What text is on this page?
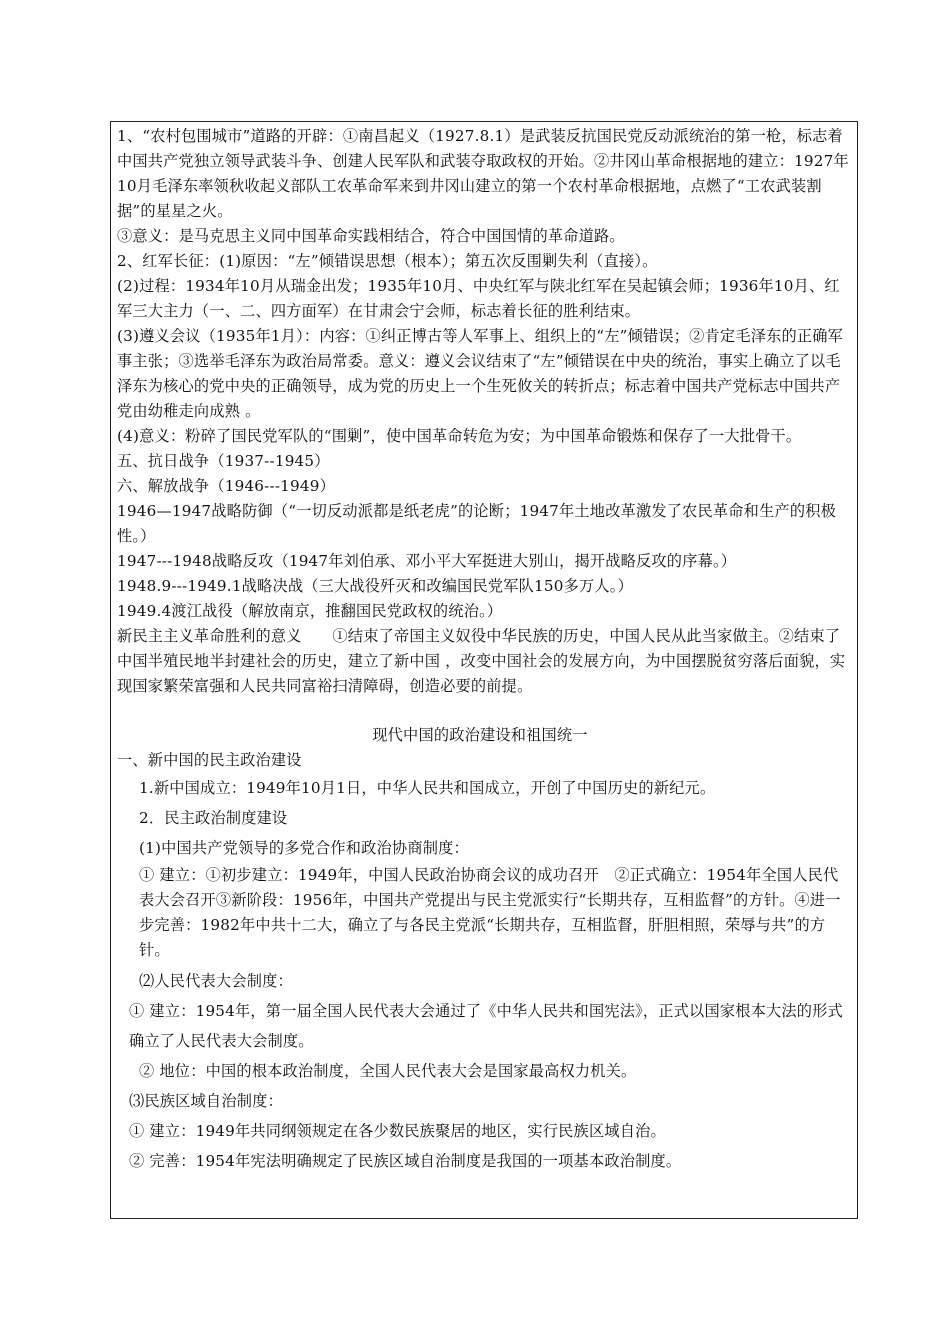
1、“农村包围城市”道路的开辟：①南昌起义（1927.8.1）是武装反抗国民党反动派统治的第一枪，标志着中国共产党独立领导武装斗争、创建人民军队和武装夺取政权的开始。②井冈山革命根据地的建立：1927年10月毛泽东率领秋收起义部队工农革命军来到井冈山建立的第一个农村革命根据地，点燃了“工农武装割据”的星星之火。

③意义：是马克思主义同中国革命实践相结合，符合中国国情的革命道路。

2、红军长征：(1)原因：“左”倾错误思想（根本）；第五次反围剿失利（直接）。

(2)过程：1934年10月从瑞金出发；1935年10月、中央红军与陕北红军在吴起镇会师；1936年10月、红军三大主力（一、二、四方面军）在甘肃会宁会师，标志着长征的胜利结束。

(3)遵义会议（1935年1月）：内容：①纠正博古等人军事上、组织上的“左”倾错误；②肯定毛泽东的正确军事主张；③选举毛泽东为政治局常委。意义：遵义会议结束了“左”倾错误在中央的统治，事实上确立了以毛泽东为核心的党中央的正确领导，成为党的历史上一个生死攸关的转折点；标志着中国共产党标志中国共产党由幼稚走向成熟 。

(4)意义：粉碎了国民党军队的“围剿”，使中国革命转危为安；为中国革命锻炼和保存了一大批骨干。

五、抗日战争（1937--1945）

六、解放战争（1946---1949）

1946—1947战略防御（“一切反动派都是纸老虎”的论断；1947年土地改革激发了农民革命和生产的积极性。）

1947---1948战略反攻（1947年刘伯承、邓小平大军挺进大别山，揭开战略反攻的序幕。）

1948.9---1949.1战略决战（三大战役歼灭和改编国民党军队150多万人。）

1949.4渡江战役（解放南京，推翻国民党政权的统治。）

新民主主义革命胜利的意义　　①结束了帝国主义奴役中华民族的历史，中国人民从此当家做主。②结束了中国半殖民地半封建社会的历史，建立了新中国 ，改变中国社会的发展方向，为中国摆脱贫穷落后面貌，实现国家繁荣富强和人民共同富裕扫清障碍，创造必要的前提。

现代中国的政治建设和祖国统一

一、新中国的民主政治建设

1.新中国成立：1949年10月1日，中华人民共和国成立，开创了中国历史的新纪元。

2．民主政治制度建设

(1)中国共产党领导的多党合作和政治协商制度：

① 建立：①初步建立：1949年，中国人民政治协商会议的成功召开　②正式确立：1954年全国人民代表大会召开③新阶段：1956年，中国共产党提出与民主党派实行“长期共存，互相监督”的方针。④进一步完善：1982年中共十二大，确立了与各民主党派“长期共存，互相监督，肝胆相照，荣辱与共”的方针。

⑵人民代表大会制度：

① 建立：1954年，第一届全国人民代表大会通过了《中华人民共和国宪法》，正式以国家根本大法的形式确立了人民代表大会制度。

② 地位：中国的根本政治制度，全国人民代表大会是国家最高权力机关。

⑶民族区域自治制度：

① 建立：1949年共同纲领规定在各少数民族聚居的地区，实行民族区域自治。

② 完善：1954年宪法明确规定了民族区域自治制度是我国的一项基本政治制度。
